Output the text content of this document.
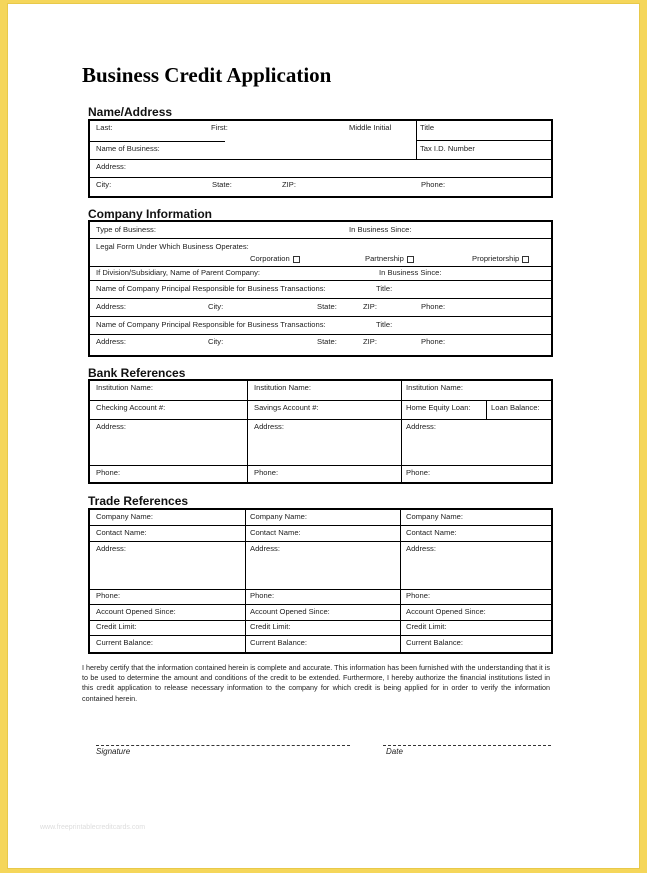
Business Credit Application
Name/Address
Last:	First:	Middle Initial	Title
Name of Business:	Tax I.D. Number
Address:
City:	State:	ZIP:	Phone:
Company Information
Type of Business:	In Business Since:
Legal Form Under Which Business Operates:
Corporation	Partnership	Proprietorship
If Division/Subsidiary, Name of Parent Company:	In Business Since:
Name of Company Principal Responsible for Business Transactions:	Title:
Address:	City:	State:	ZIP:	Phone:
Name of Company Principal Responsible for Business Transactions:	Title:
Address:	City:	State:	ZIP:	Phone:
Bank References
Institution Name:	Institution Name:	Institution Name:
Checking Account #:	Savings Account #:	Home Equity Loan:	Loan Balance:
Address:	Address:	Address:
Phone:	Phone:	Phone:
Trade References
Company Name:	Company Name:	Company Name:
Contact Name:	Contact Name:	Contact Name:
Address:	Address:	Address:
Phone:	Phone:	Phone:
Account Opened Since:	Account Opened Since:	Account Opened Since:
Credit Limit:	Credit Limit:	Credit Limit:
Current Balance:	Current Balance:	Current Balance:
I hereby certify that the information contained herein is complete and accurate. This information has been furnished with the understanding that it is to be used to determine the amount and conditions of the credit to be extended. Furthermore, I hereby authorize the financial institutions listed in this credit application to release necessary information to the company for which credit is being applied for in order to verify the information contained herein.
Signature	Date
www.freeprintablecreditcards.com
